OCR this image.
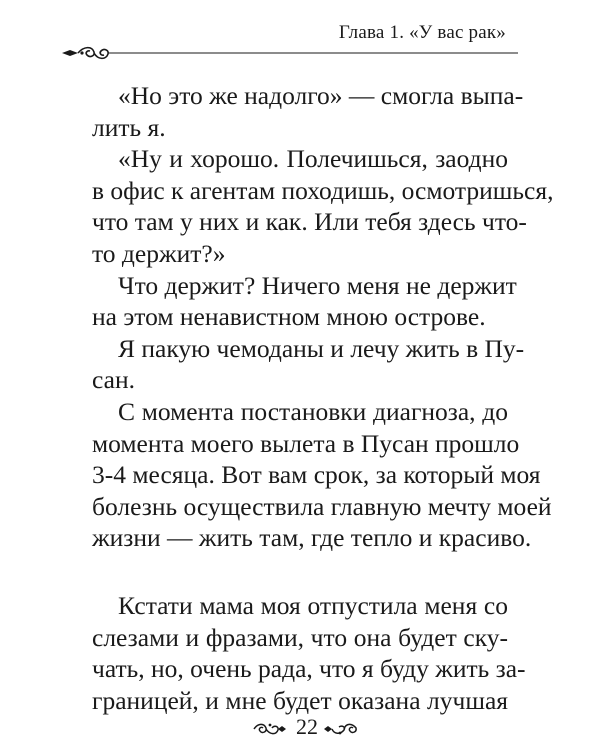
Глава 1. «У вас рак»

«Но это же надолго» — смогла выпа-
лить я.

«Ну и хорошо. Полечишься, заодно
в офис к агентам походишь, осмотришься,
что там у них и как. Или тебя здесь что-
то держит?»

Что держит? Ничего меня не держит
на этом ненавистном мною острове.

Я пакую чемоданы и лечу жить в Пу-
сан.

С момента постановки диагноза, до
момента моего вылета в Пусан прошло
3-4 месяца. Вот вам срок, за который моя
болезнь осуществила главную мечту моей
жизни — жить там, где тепло и красиво.

Кстати мама моя отпустила меня со
слезами и фразами, что она будет ску-
чать, но, очень рада, что я буду жить за-
границей, и мне будет оказана лучшая

22
